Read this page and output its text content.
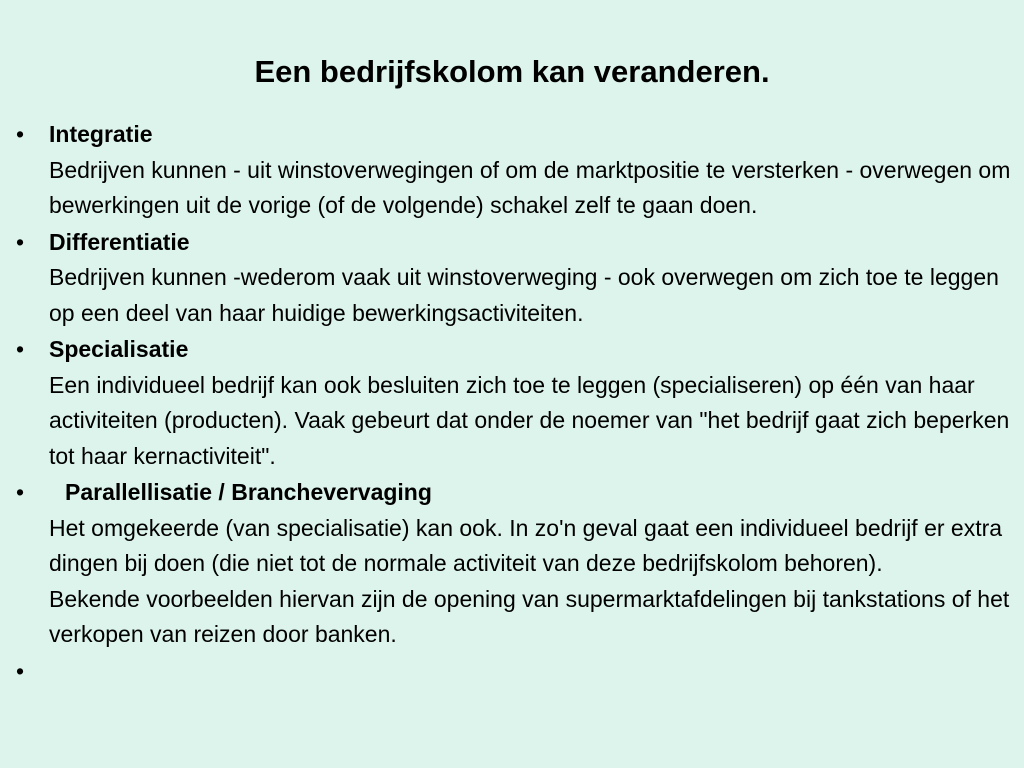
Een bedrijfskolom kan veranderen.
• Integratie
Bedrijven kunnen - uit winstoverwegingen of om de marktpositie te versterken - overwegen om bewerkingen uit de vorige (of de volgende) schakel zelf te gaan doen.
• Differentiatie
Bedrijven kunnen -wederom vaak uit winstoverweging - ook overwegen om zich toe te leggen op een deel van haar huidige bewerkingsactiviteiten.
• Specialisatie
Een individueel bedrijf kan ook besluiten zich toe te leggen (specialiseren) op één van haar activiteiten (producten). Vaak gebeurt dat onder de noemer van "het bedrijf gaat zich beperken tot haar kernactiviteit".
•	Parallellisatie / Branchevervaging
Het omgekeerde (van specialisatie) kan ook. In zo'n geval gaat een individueel bedrijf er extra dingen bij doen (die niet tot de normale activiteit van deze bedrijfskolom behoren).
Bekende voorbeelden hiervan zijn de opening van supermarktafdelingen bij tankstations of het verkopen van reizen door banken.
•
